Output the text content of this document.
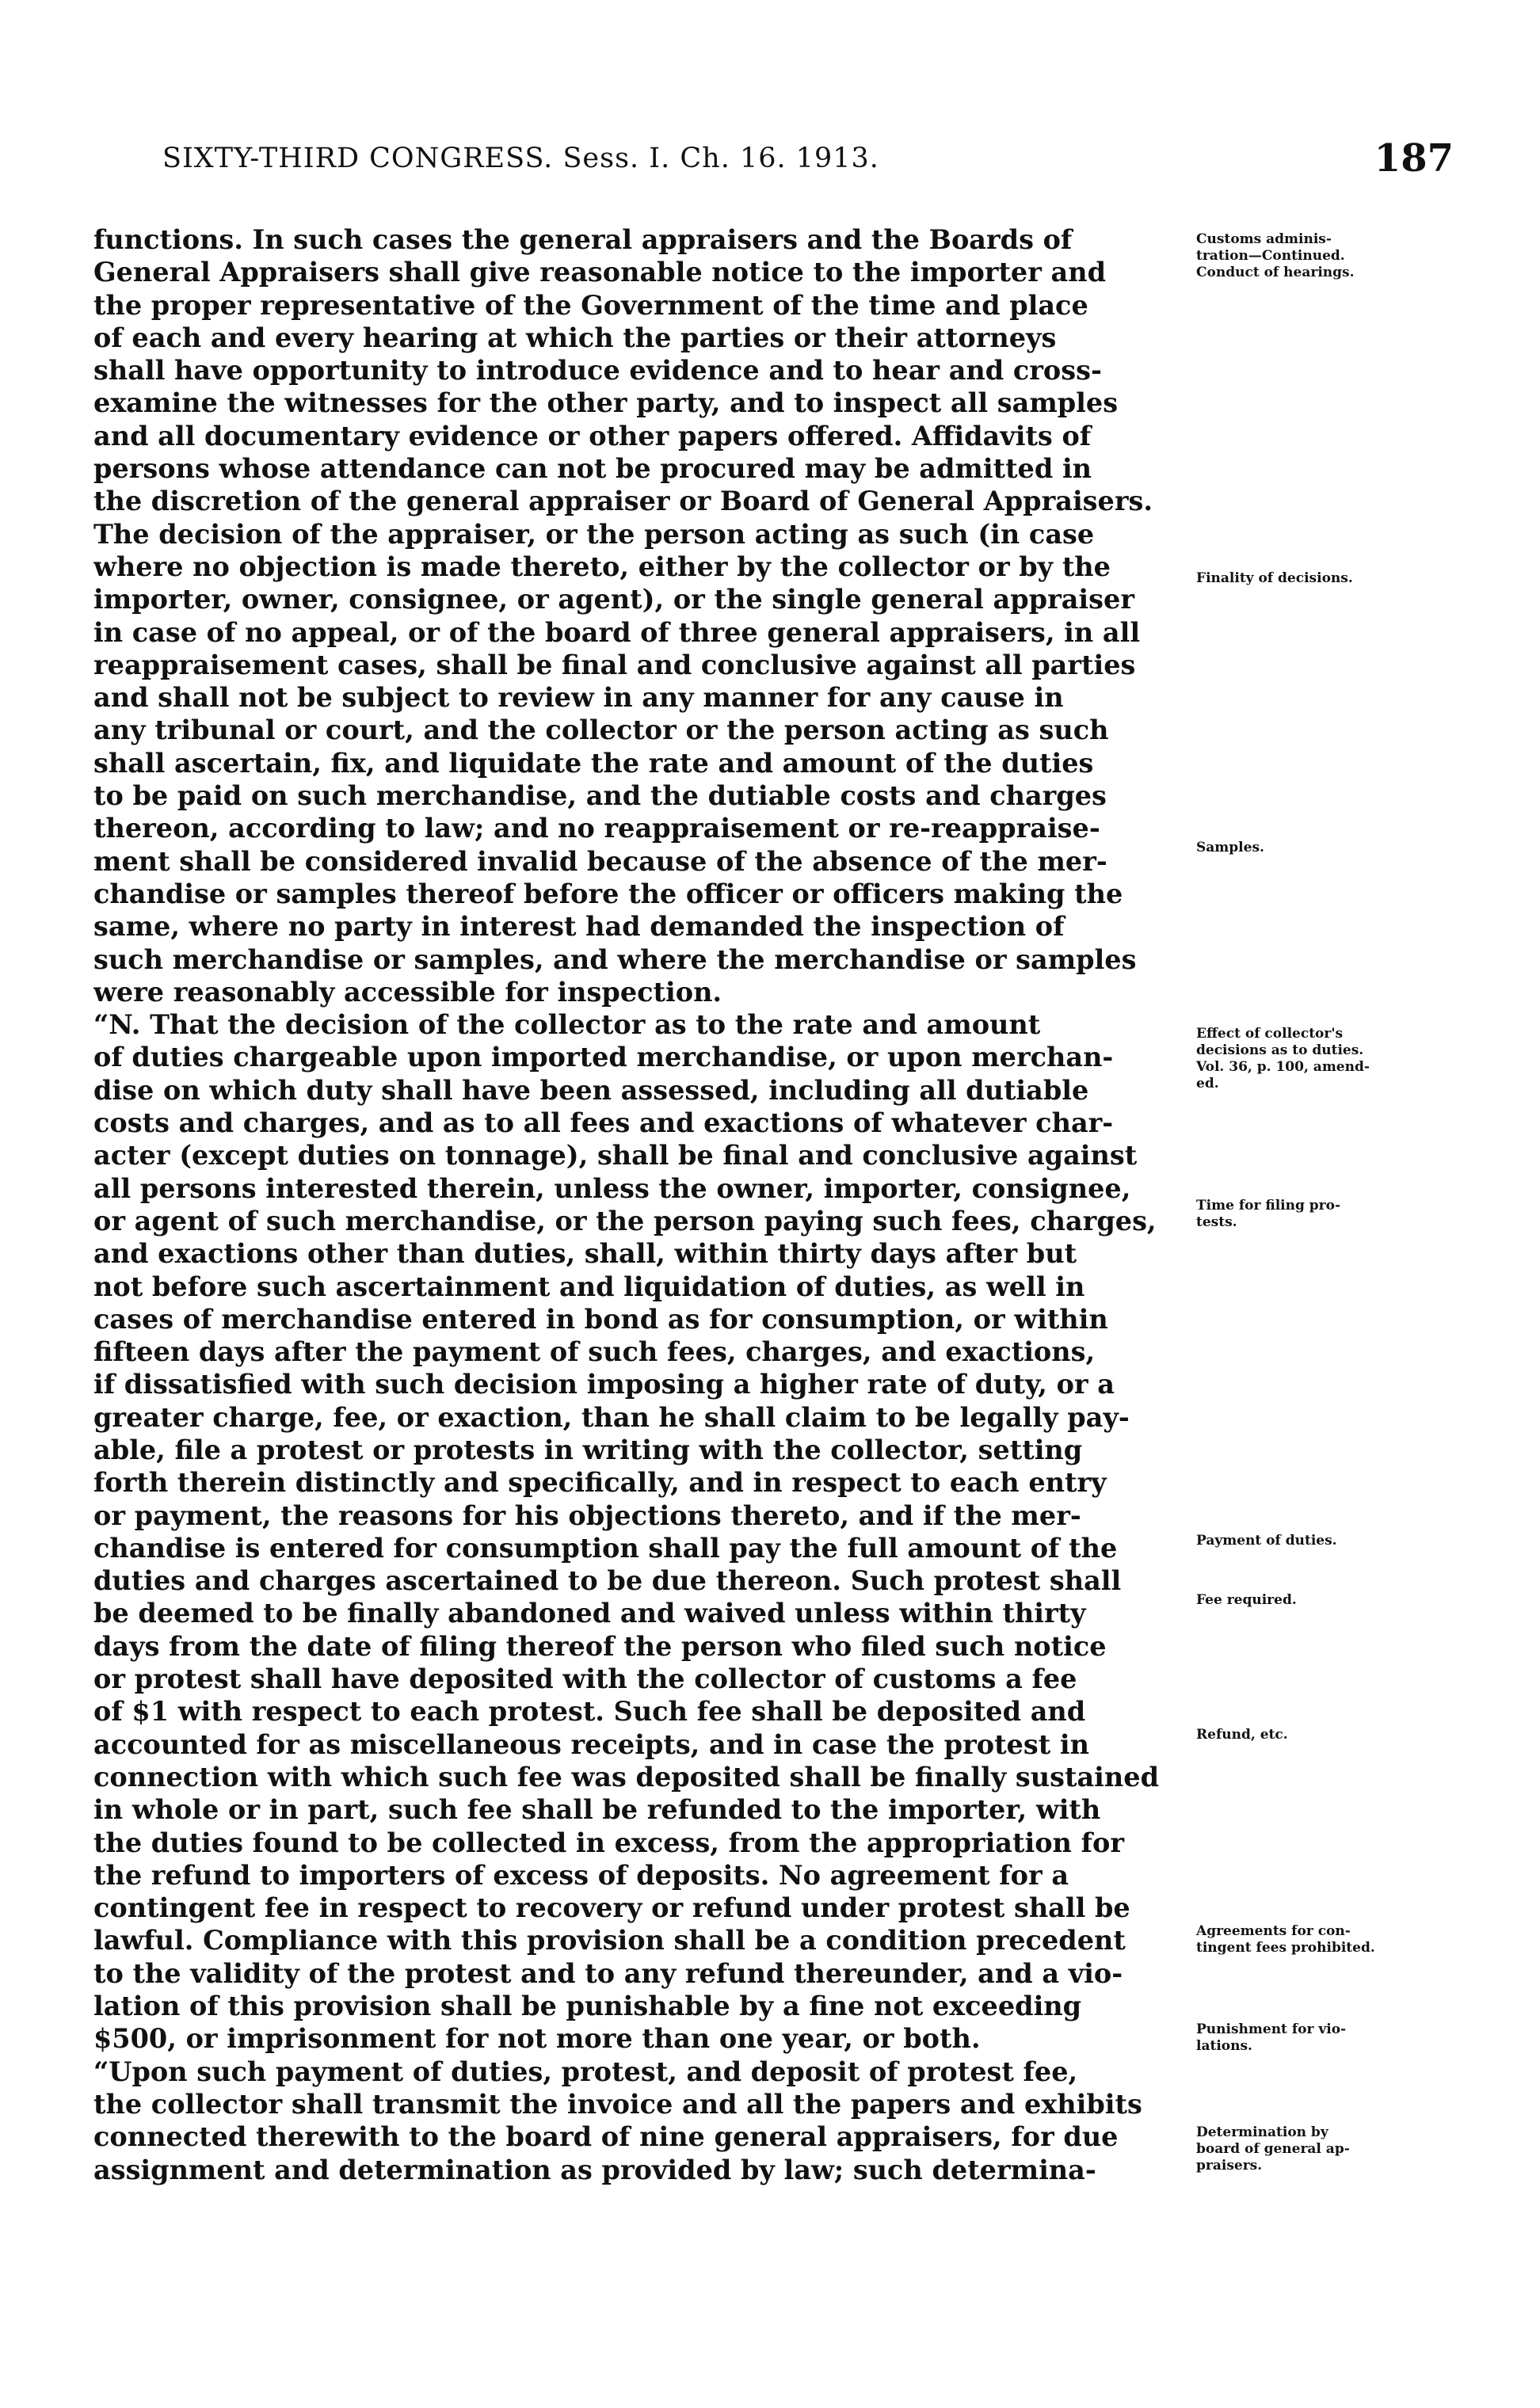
SIXTY-THIRD CONGRESS. Sess. I. Ch. 16. 1913.	187
functions. In such cases the general appraisers and the Boards of
General Appraisers shall give reasonable notice to the importer and
the proper representative of the Government of the time and place
of each and every hearing at which the parties or their attorneys
shall have opportunity to introduce evidence and to hear and cross-
examine the witnesses for the other party, and to inspect all samples
and all documentary evidence or other papers offered. Affidavits of
persons whose attendance can not be procured may be admitted in
the discretion of the general appraiser or Board of General Appraisers.
The decision of the appraiser, or the person acting as such (in case
where no objection is made thereto, either by the collector or by the
importer, owner, consignee, or agent), or the single general appraiser
in case of no appeal, or of the board of three general appraisers, in all
reappraisement cases, shall be final and conclusive against all parties
and shall not be subject to review in any manner for any cause in
any tribunal or court, and the collector or the person acting as such
shall ascertain, fix, and liquidate the rate and amount of the duties
to be paid on such merchandise, and the dutiable costs and charges
thereon, according to law; and no reappraisement or re-reappraise-
ment shall be considered invalid because of the absence of the mer-
chandise or samples thereof before the officer or officers making the
same, where no party in interest had demanded the inspection of
such merchandise or samples, and where the merchandise or samples
were reasonably accessible for inspection.
“N. That the decision of the collector as to the rate and amount
of duties chargeable upon imported merchandise, or upon merchan-
dise on which duty shall have been assessed, including all dutiable
costs and charges, and as to all fees and exactions of whatever char-
acter (except duties on tonnage), shall be final and conclusive against
all persons interested therein, unless the owner, importer, consignee,
or agent of such merchandise, or the person paying such fees, charges,
and exactions other than duties, shall, within thirty days after but
not before such ascertainment and liquidation of duties, as well in
cases of merchandise entered in bond as for consumption, or within
fifteen days after the payment of such fees, charges, and exactions,
if dissatisfied with such decision imposing a higher rate of duty, or a
greater charge, fee, or exaction, than he shall claim to be legally pay-
able, file a protest or protests in writing with the collector, setting
forth therein distinctly and specifically, and in respect to each entry
or payment, the reasons for his objections thereto, and if the mer-
chandise is entered for consumption shall pay the full amount of the
duties and charges ascertained to be due thereon. Such protest shall
be deemed to be finally abandoned and waived unless within thirty
days from the date of filing thereof the person who filed such notice
or protest shall have deposited with the collector of customs a fee
of $1 with respect to each protest. Such fee shall be deposited and
accounted for as miscellaneous receipts, and in case the protest in
connection with which such fee was deposited shall be finally sustained
in whole or in part, such fee shall be refunded to the importer, with
the duties found to be collected in excess, from the appropriation for
the refund to importers of excess of deposits. No agreement for a
contingent fee in respect to recovery or refund under protest shall be
lawful. Compliance with this provision shall be a condition precedent
to the validity of the protest and to any refund thereunder, and a vio-
lation of this provision shall be punishable by a fine not exceeding
$500, or imprisonment for not more than one year, or both.
“Upon such payment of duties, protest, and deposit of protest fee,
the collector shall transmit the invoice and all the papers and exhibits
connected therewith to the board of nine general appraisers, for due
assignment and determination as provided by law; such determina-
Customs adminis-
tration—Continued.
Conduct of hearings.
Finality of decisions.
Samples.
Effect of collector's
decisions as to duties.
Vol. 36, p. 100, amend-
ed.
Time for filing pro-
tests.
Payment of duties.
Fee required.
Refund, etc.
Agreements for con-
tingent fees prohibited.
Punishment for vio-
lations.
Determination by
board of general ap-
praisers.
